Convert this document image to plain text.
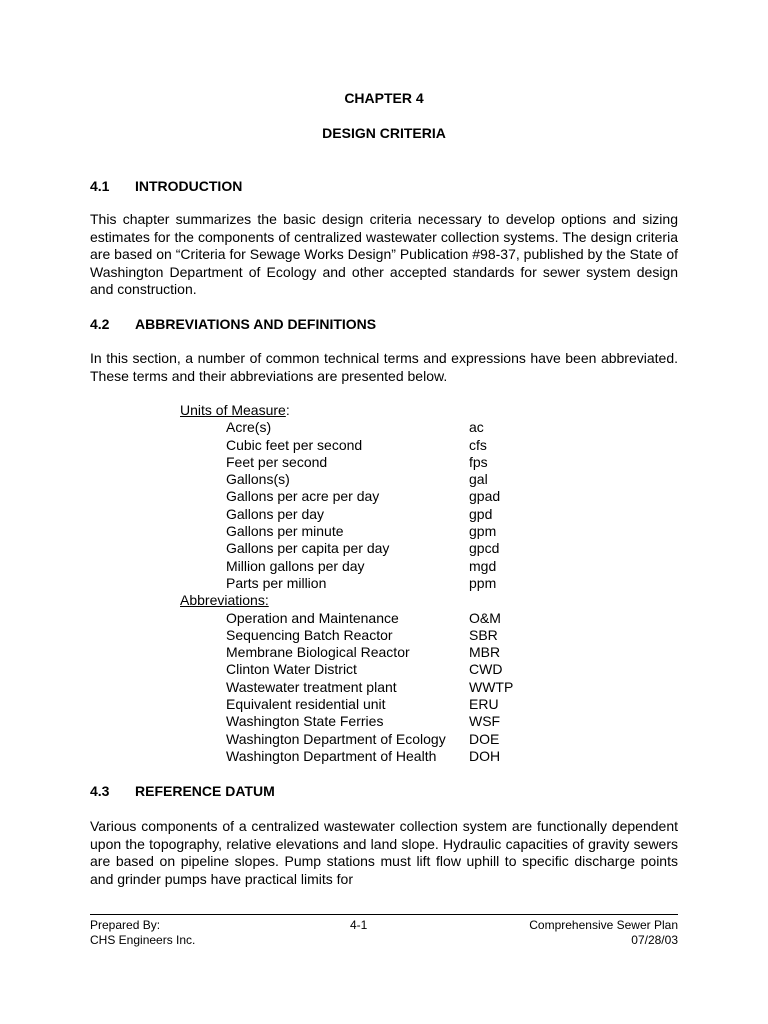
CHAPTER 4
DESIGN CRITERIA
4.1 INTRODUCTION

This chapter summarizes the basic design criteria necessary to develop options and sizing estimates for the components of centralized wastewater collection systems. The design criteria are based on “Criteria for Sewage Works Design” Publication #98-37, published by the State of Washington Department of Ecology and other accepted standards for sewer system design and construction.

4.2 ABBREVIATIONS AND DEFINITIONS

In this section, a number of common technical terms and expressions have been abbreviated. These terms and their abbreviations are presented below.

Units of Measure:
Acre(s)	ac
Cubic feet per second	cfs
Feet per second	fps
Gallons(s)	gal
Gallons per acre per day	gpad
Gallons per day	gpd
Gallons per minute	gpm
Gallons per capita per day	gpcd
Million gallons per day	mgd
Parts per million	ppm
Abbreviations:
Operation and Maintenance	O&M
Sequencing Batch Reactor	SBR
Membrane Biological Reactor	MBR
Clinton Water District	CWD
Wastewater treatment plant	WWTP
Equivalent residential unit	ERU
Washington State Ferries	WSF
Washington Department of Ecology DOE
Washington Department of Health DOH
4.3 REFERENCE DATUM

Various components of a centralized wastewater collection system are functionally dependent upon the topography, relative elevations and land slope. Hydraulic capacities of gravity sewers are based on pipeline slopes. Pump stations must lift flow uphill to specific discharge points and grinder pumps have practical limits for

Prepared By:
CHS Engineers Inc.
4-1	Comprehensive Sewer Plan
07/28/03
